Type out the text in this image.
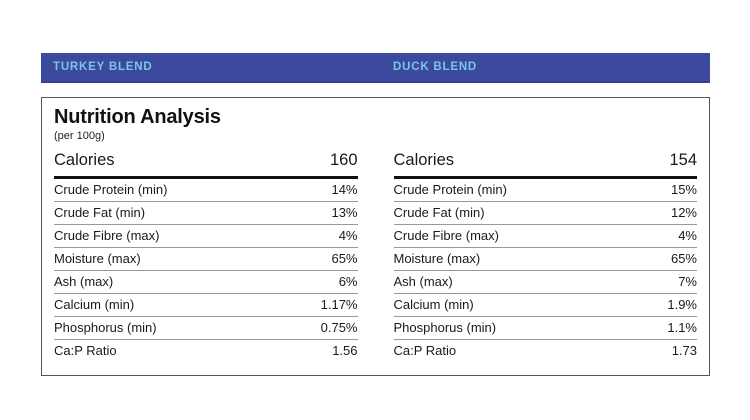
TURKEY BLEND	DUCK BLEND
Nutrition Analysis
(per 100g)
Calories	160
Crude Protein (min)	14%
Crude Fat (min)	13%
Crude Fibre (max)	4%
Moisture (max)	65%
Ash (max)	6%
Calcium (min)	1.17%
Phosphorus (min)	0.75%
Ca:P Ratio	1.56
Calories	154
Crude Protein (min)	15%
Crude Fat (min)	12%
Crude Fibre (max)	4%
Moisture (max)	65%
Ash (max)	7%
Calcium (min)	1.9%
Phosphorus (min)	1.1%
Ca:P Ratio	1.73
